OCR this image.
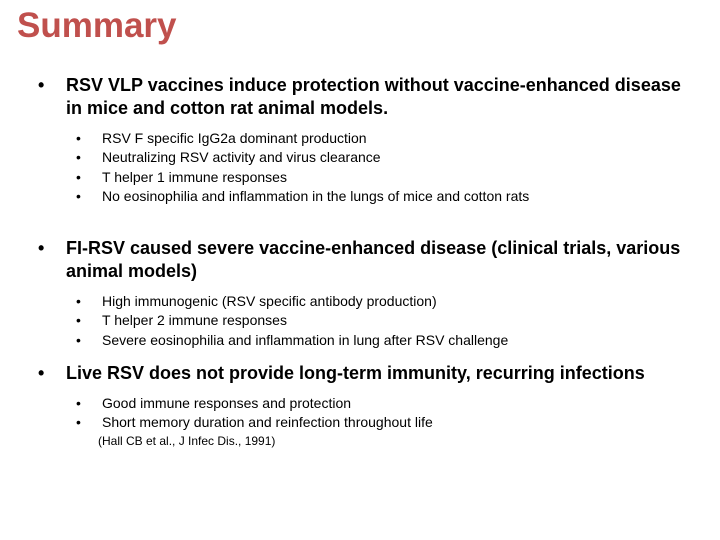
Summary
•	RSV VLP vaccines induce protection without vaccine-enhanced disease in mice and cotton rat animal models.
•	RSV F specific IgG2a dominant production
•	Neutralizing RSV activity and virus clearance
•	T helper 1 immune responses
•	No eosinophilia and inflammation in the lungs of mice and cotton rats
•	FI-RSV caused severe vaccine-enhanced disease (clinical trials, various animal models)
•	High immunogenic (RSV specific antibody production)
•	T helper 2 immune responses
•	Severe eosinophilia and inflammation in lung after RSV challenge
•	Live RSV does not provide long-term immunity, recurring infections
•	Good immune responses and protection
•	Short memory duration and reinfection throughout life
(Hall CB et al., J Infec Dis., 1991)
